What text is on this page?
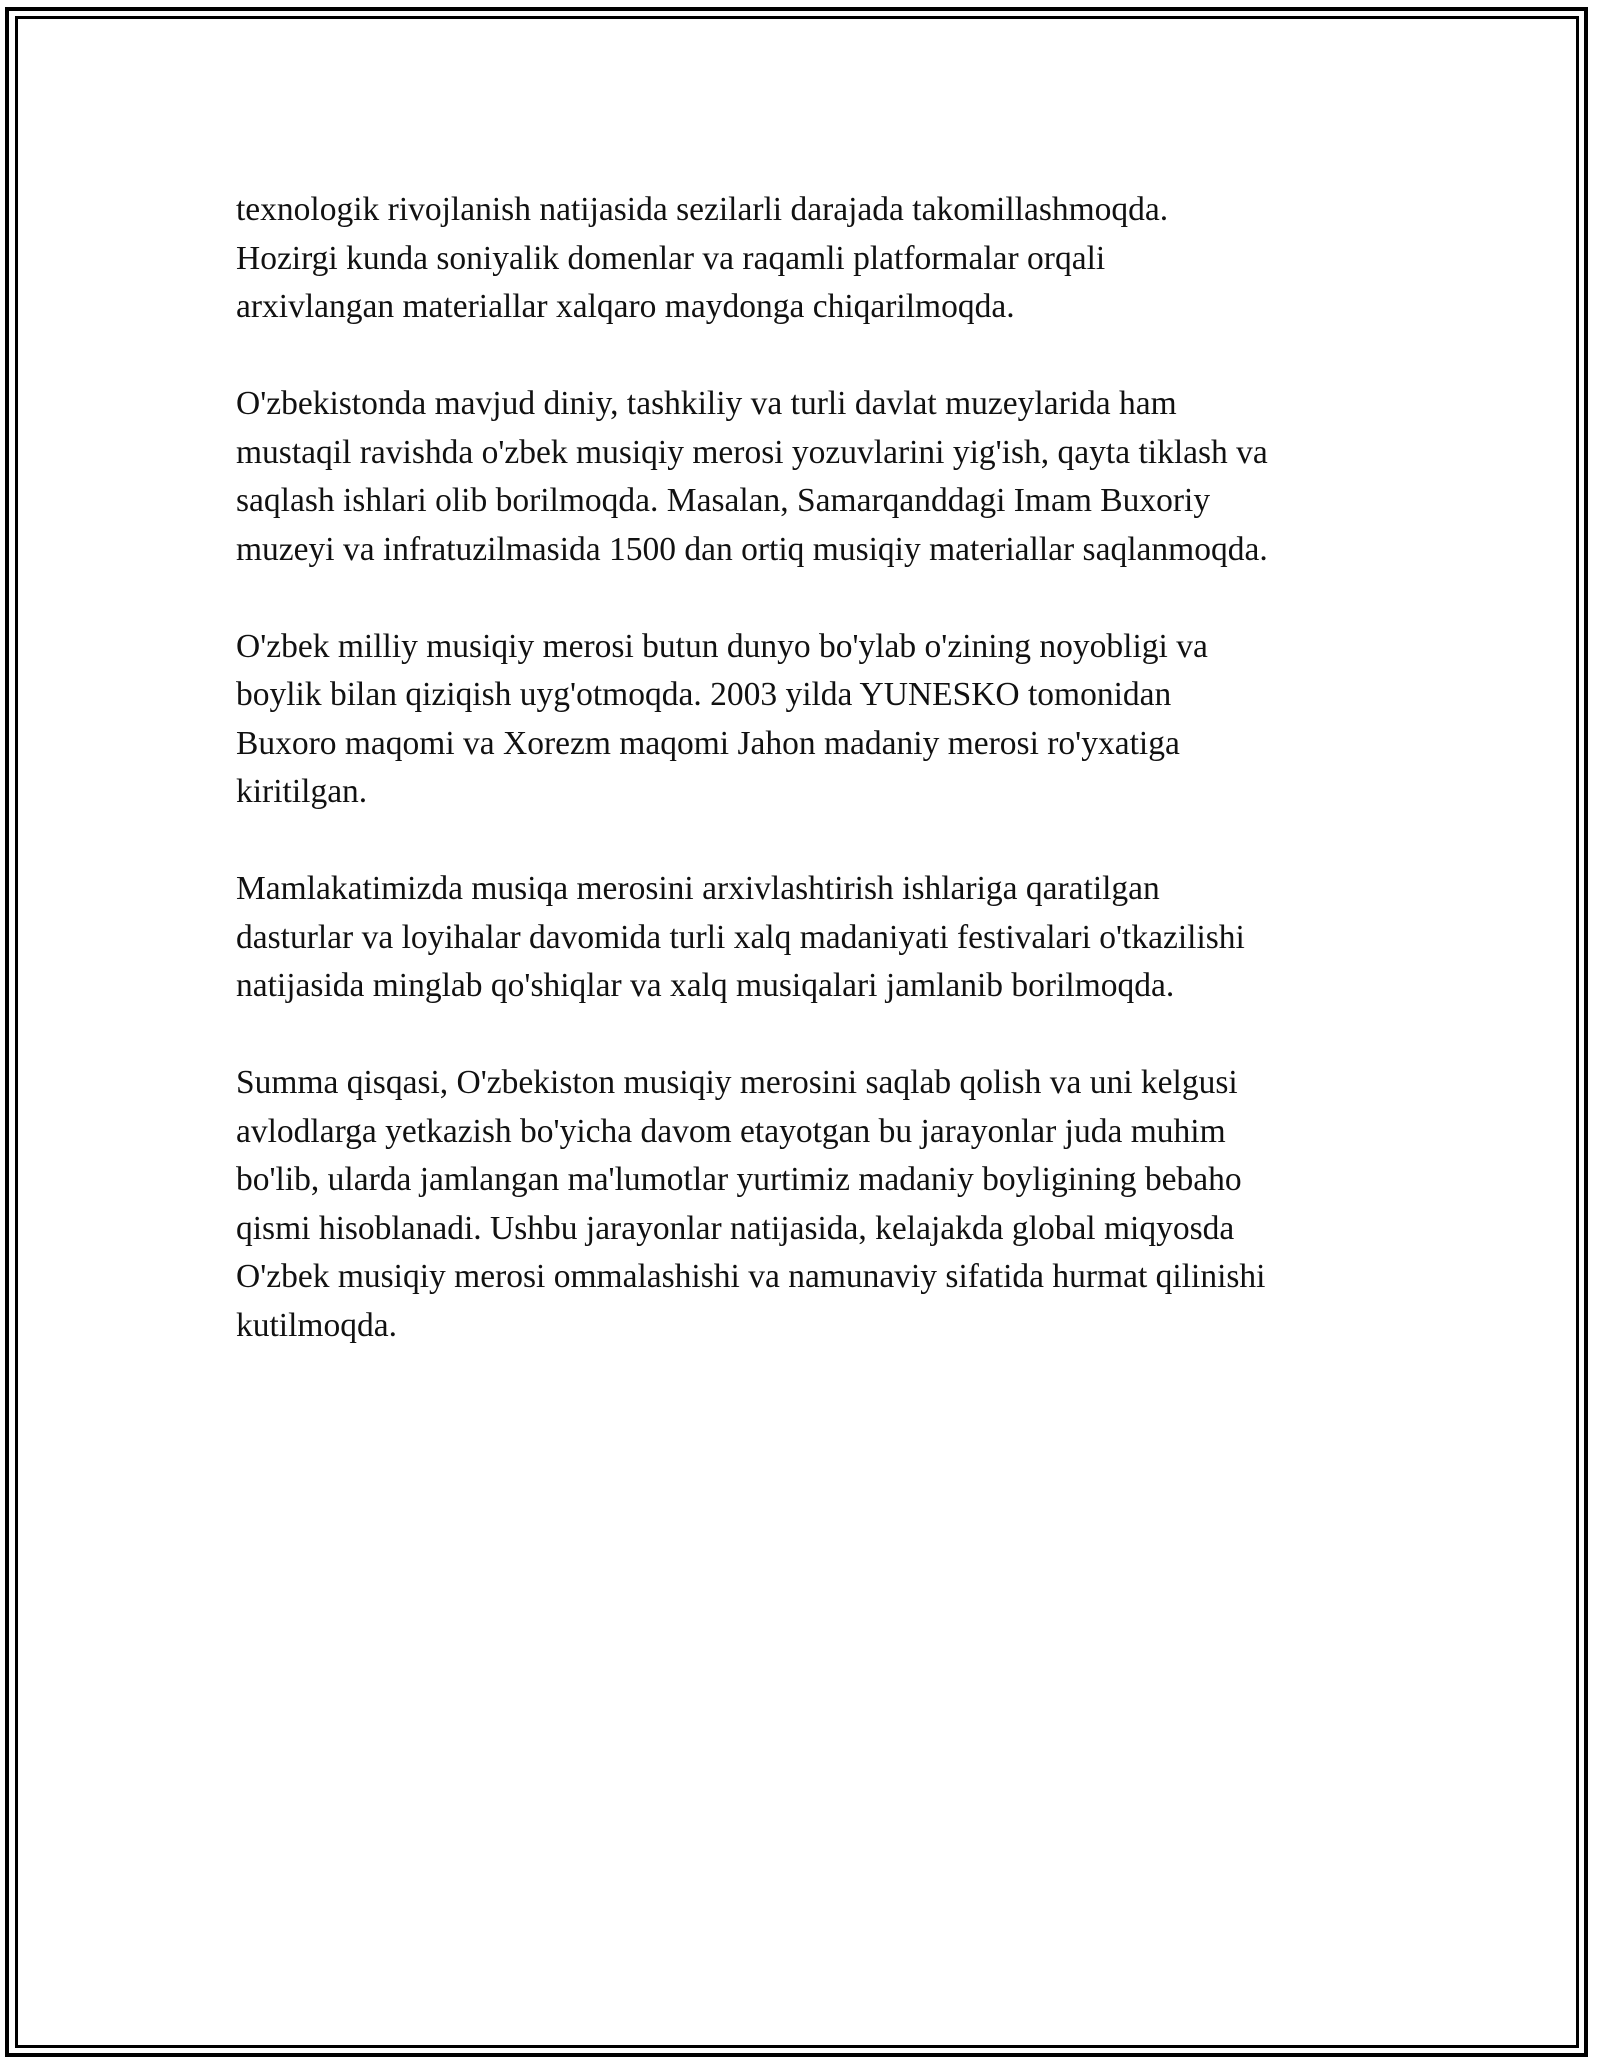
texnologik rivojlanish natijasida sezilarli darajada takomillashmoqda.
Hozirgi kunda soniyalik domenlar va raqamli platformalar orqali
arxivlangan materiallar xalqaro maydonga chiqarilmoqda.

O'zbekistonda mavjud diniy, tashkiliy va turli davlat muzeylarida ham
mustaqil ravishda o'zbek musiqiy merosi yozuvlarini yig'ish, qayta tiklash va
saqlash ishlari olib borilmoqda. Masalan, Samarqanddagi Imam Buxoriy
muzeyi va infratuzilmasida 1500 dan ortiq musiqiy materiallar saqlanmoqda.

O'zbek milliy musiqiy merosi butun dunyo bo'ylab o'zining noyobligi va
boylik bilan qiziqish uyg'otmoqda. 2003 yilda YUNESKO tomonidan
Buxoro maqomi va Xorezm maqomi Jahon madaniy merosi ro'yxatiga
kiritilgan.

Mamlakatimizda musiqa merosini arxivlashtirish ishlariga qaratilgan
dasturlar va loyihalar davomida turli xalq madaniyati festivalari o'tkazilishi
natijasida minglab qo'shiqlar va xalq musiqalari jamlanib borilmoqda.

Summa qisqasi, O'zbekiston musiqiy merosini saqlab qolish va uni kelgusi
avlodlarga yetkazish bo'yicha davom etayotgan bu jarayonlar juda muhim
bo'lib, ularda jamlangan ma'lumotlar yurtimiz madaniy boyligining bebaho
qismi hisoblanadi. Ushbu jarayonlar natijasida, kelajakda global miqyosda
O'zbek musiqiy merosi ommalashishi va namunaviy sifatida hurmat qilinishi
kutilmoqda.
